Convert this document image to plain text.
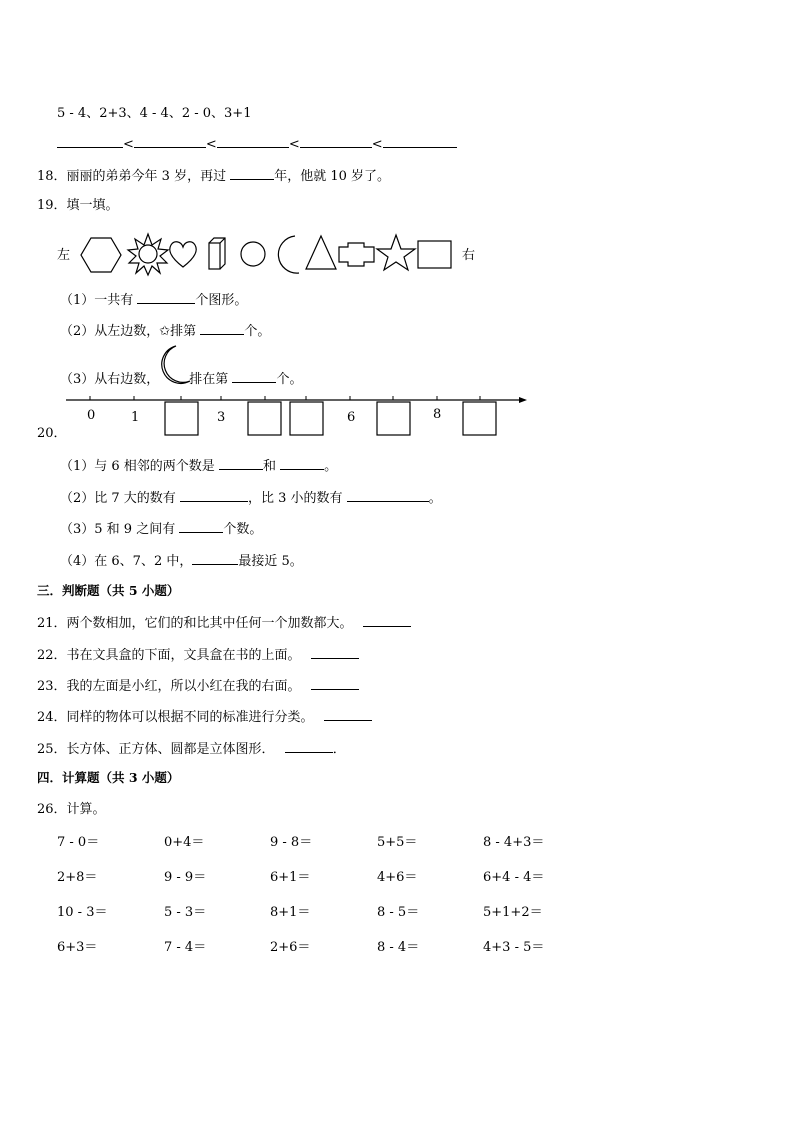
5 - 4、2+3、4 - 4、2 - 0、3+1
<	<	<	<
18．丽丽的弟弟今年 3 岁，再过	年，他就 10 岁了。
19．填一填。
左	右
（1）一共有	个图形。
（2）从左边数，✩排第	个。
（3）从右边数， 排在第	个。
0	1	3	6	8
20．
（1）与 6 相邻的两个数是	和	。
（2）比 7 大的数有	，比 3 小的数有	。
（3）5 和 9 之间有	个数。
（4）在 6、7、2 中，	最接近 5。
三．判断题（共 5 小题）
21．两个数相加，它们的和比其中任何一个加数都大。
22．书在文具盒的下面，文具盒在书的上面。
23．我的左面是小红，所以小红在我的右面。
24．同样的物体可以根据不同的标准进行分类。
25．长方体、正方体、圆都是立体图形．	．
四．计算题（共 3 小题）
26．计算。
7 - 0＝	0+4＝	9 - 8＝	5+5＝	8 - 4+3＝
2+8＝	9 - 9＝	6+1＝	4+6＝	6+4 - 4＝
10 - 3＝	5 - 3＝	8+1＝	8 - 5＝	5+1+2＝
6+3＝	7 - 4＝	2+6＝	8 - 4＝	4+3 - 5＝
